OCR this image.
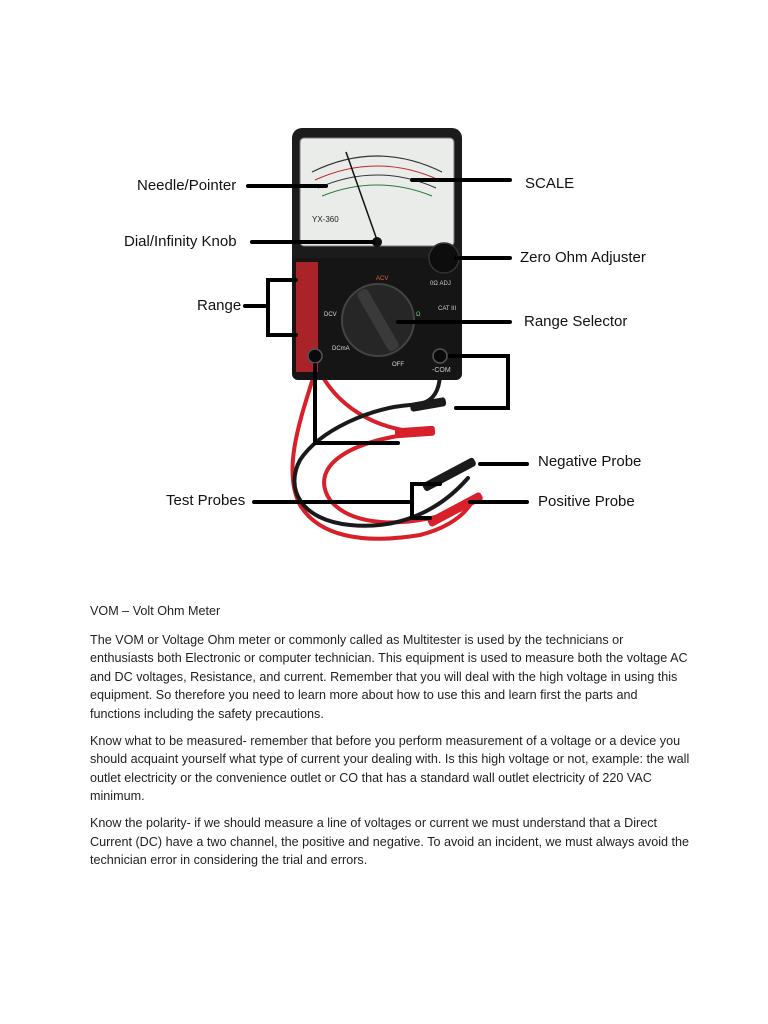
YX-360
-COM
0Ω ADJ
CAT III
DCV
ACV
Ω
DCmA
OFF
Needle/Pointer	SCALE
Dial/Infinity Knob
Zero Ohm Adjuster
Range
Range Selector
Negative Probe
Test Probes	Positive Probe

VOM – Volt Ohm Meter

The VOM or Voltage Ohm meter or commonly called as Multitester is used by the technicians or enthusiasts both Electronic or computer technician. This equipment is used to measure both the voltage AC and DC voltages, Resistance, and current. Remember that you will deal with the high voltage in using this equipment. So therefore you need to learn more about how to use this and learn first the parts and functions including the safety precautions.

Know what to be measured- remember that before you perform measurement of a voltage or a device you should acquaint yourself what type of current your dealing with. Is this high voltage or not, example: the wall outlet electricity or the convenience outlet or CO that has a standard wall outlet electricity of 220 VAC minimum.

Know the polarity- if we should measure a line of voltages or current we must understand that a Direct Current (DC) have a two channel, the positive and negative. To avoid an incident, we must always avoid the technician error in considering the trial and errors.
